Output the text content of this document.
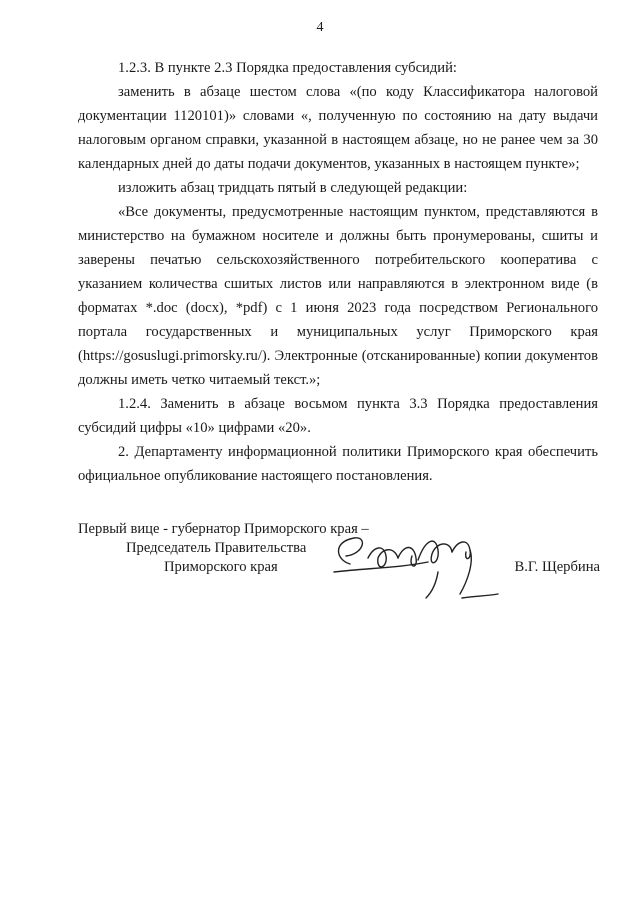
4

1.2.3. В пункте 2.3 Порядка предоставления субсидий:

заменить в абзаце шестом слова «(по коду Классификатора налоговой документации 1120101)» словами «, полученную по состоянию на дату выдачи налоговым органом справки, указанной в настоящем абзаце, но не ранее чем за 30 календарных дней до даты подачи документов, указанных в настоящем пункте»;

изложить абзац тридцать пятый в следующей редакции:

«Все документы, предусмотренные настоящим пунктом, представляются в министерство на бумажном носителе и должны быть пронумерованы, сшиты и заверены печатью сельскохозяйственного потребительского кооператива с указанием количества сшитых листов или направляются в электронном виде (в форматах *.doc (docx), *pdf) с 1 июня 2023 года посредством Регионального портала государственных и муниципальных услуг Приморского края (https://gosuslugi.primorsky.ru/). Электронные (отсканированные) копии документов должны иметь четко читаемый текст.»;

1.2.4. Заменить в абзаце восьмом пункта 3.3 Порядка предоставления субсидий цифры «10» цифрами «20».

2. Департаменту информационной политики Приморского края обеспечить официальное опубликование настоящего постановления.

Первый вице - губернатор Приморского края –
Председатель Правительства
Приморского края	В.Г. Щербина
